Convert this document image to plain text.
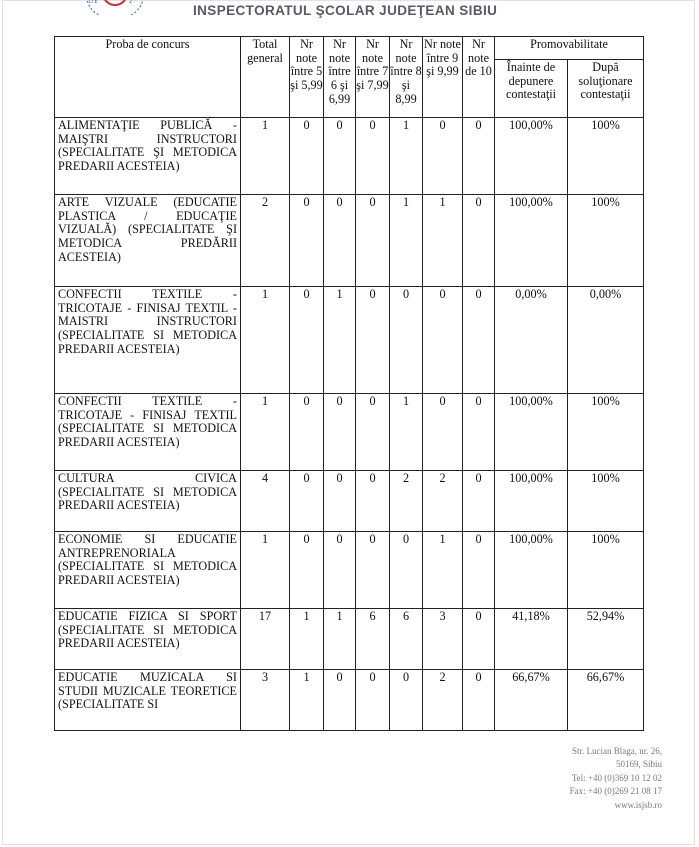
D E	2 ·
INSPECTORATUL ŞCOLAR JUDEŢEAN SIBIU
Proba de concurs	Total general	Nr note între 5 şi 5,99	Nr note între 6 şi 6,99	Nr note între 7 şi 7,99	Nr note între 8 şi 8,99	Nr note între 9 şi 9,99	Nr note de 10	Promovabilitate	
								Înainte de depunere contestaţii	După soluţionare contestaţii
ALIMENTAŢIE PUBLICĂ - MAIŞTRI INSTRUCTORI (SPECIALITATE ŞI METODICA PREDARII ACESTEIA)	1	0	0	0	1	0	0	100,00%	100%
ARTE VIZUALE (EDUCATIE PLASTICA / EDUCAŢIE VIZUALĂ) (SPECIALITATE ŞI METODICA PREDĂRII ACESTEIA)	2	0	0	0	1	1	0	100,00%	100%
CONFECTII TEXTILE - TRICOTAJE - FINISAJ TEXTIL - MAISTRI INSTRUCTORI (SPECIALITATE SI METODICA PREDARII ACESTEIA)	1	0	1	0	0	0	0	0,00%	0,00%
CONFECTII TEXTILE - TRICOTAJE - FINISAJ TEXTIL (SPECIALITATE SI METODICA PREDARII ACESTEIA)	1	0	0	0	1	0	0	100,00%	100%
CULTURA CIVICA (SPECIALITATE SI METODICA PREDARII ACESTEIA)	4	0	0	0	2	2	0	100,00%	100%
ECONOMIE SI EDUCATIE ANTREPRENORIALA (SPECIALITATE SI METODICA PREDARII ACESTEIA)	1	0	0	0	0	1	0	100,00%	100%
EDUCATIE FIZICA SI SPORT (SPECIALITATE SI METODICA PREDARII ACESTEIA)	17	1	1	6	6	3	0	41,18%	52,94%
EDUCATIE MUZICALA SI STUDII MUZICALE TEORETICE (SPECIALITATE SI	3	1	0	0	0	2	0	66,67%	66,67%
Str. Lucian Blaga, nr. 26,
50169, Sibiu
Tel: +40 (0)369 10 12 02
Fax: +40 (0)269 21 08 17
www.isjsb.ro
